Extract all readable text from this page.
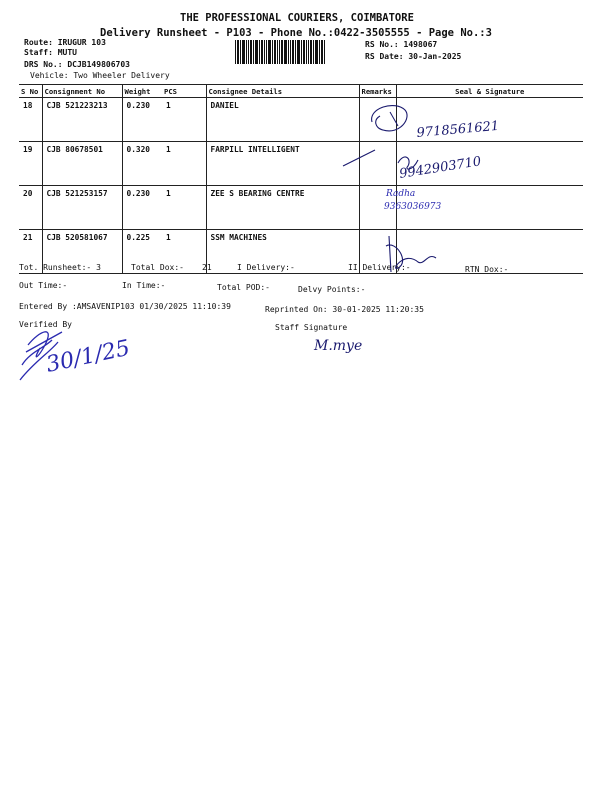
THE PROFESSIONAL COURIERS, COIMBATORE
Delivery Runsheet - P103 - Phone No.:0422-3505555 - Page No.:3
Route: IRUGUR 103
Staff: MUTU
DRS No.: DCJB149806703
Vehicle: Two Wheeler Delivery
RS No.: 1498067
RS Date: 30-Jan-2025
S No	Consignment No	Weight	PCS	Consignee Details	Remarks	Seal & Signature
18	CJB 521223213	0.230	1	DANIEL		
19	CJB 80678501	0.320	1	FARPILL INTELLIGENT		
20	CJB 521253157	0.230	1	ZEE S BEARING CENTRE		
21	CJB 520581067	0.225	1	SSM MACHINES		
Tot. Runsheet:- 3	Total Dox:- 21	I Delivery:-	II Delivery:-	RTN Dox:-
Out Time:-	In Time:-	Total POD:-	Delvy Points:-
Entered By :AMSAVENIP103 01/30/2025 11:10:39	Reprinted On: 30-01-2025 11:20:35
Verified By	Staff Signature
9718561621
9942903710
Radha
9363036973
30/1/25	M.mye
